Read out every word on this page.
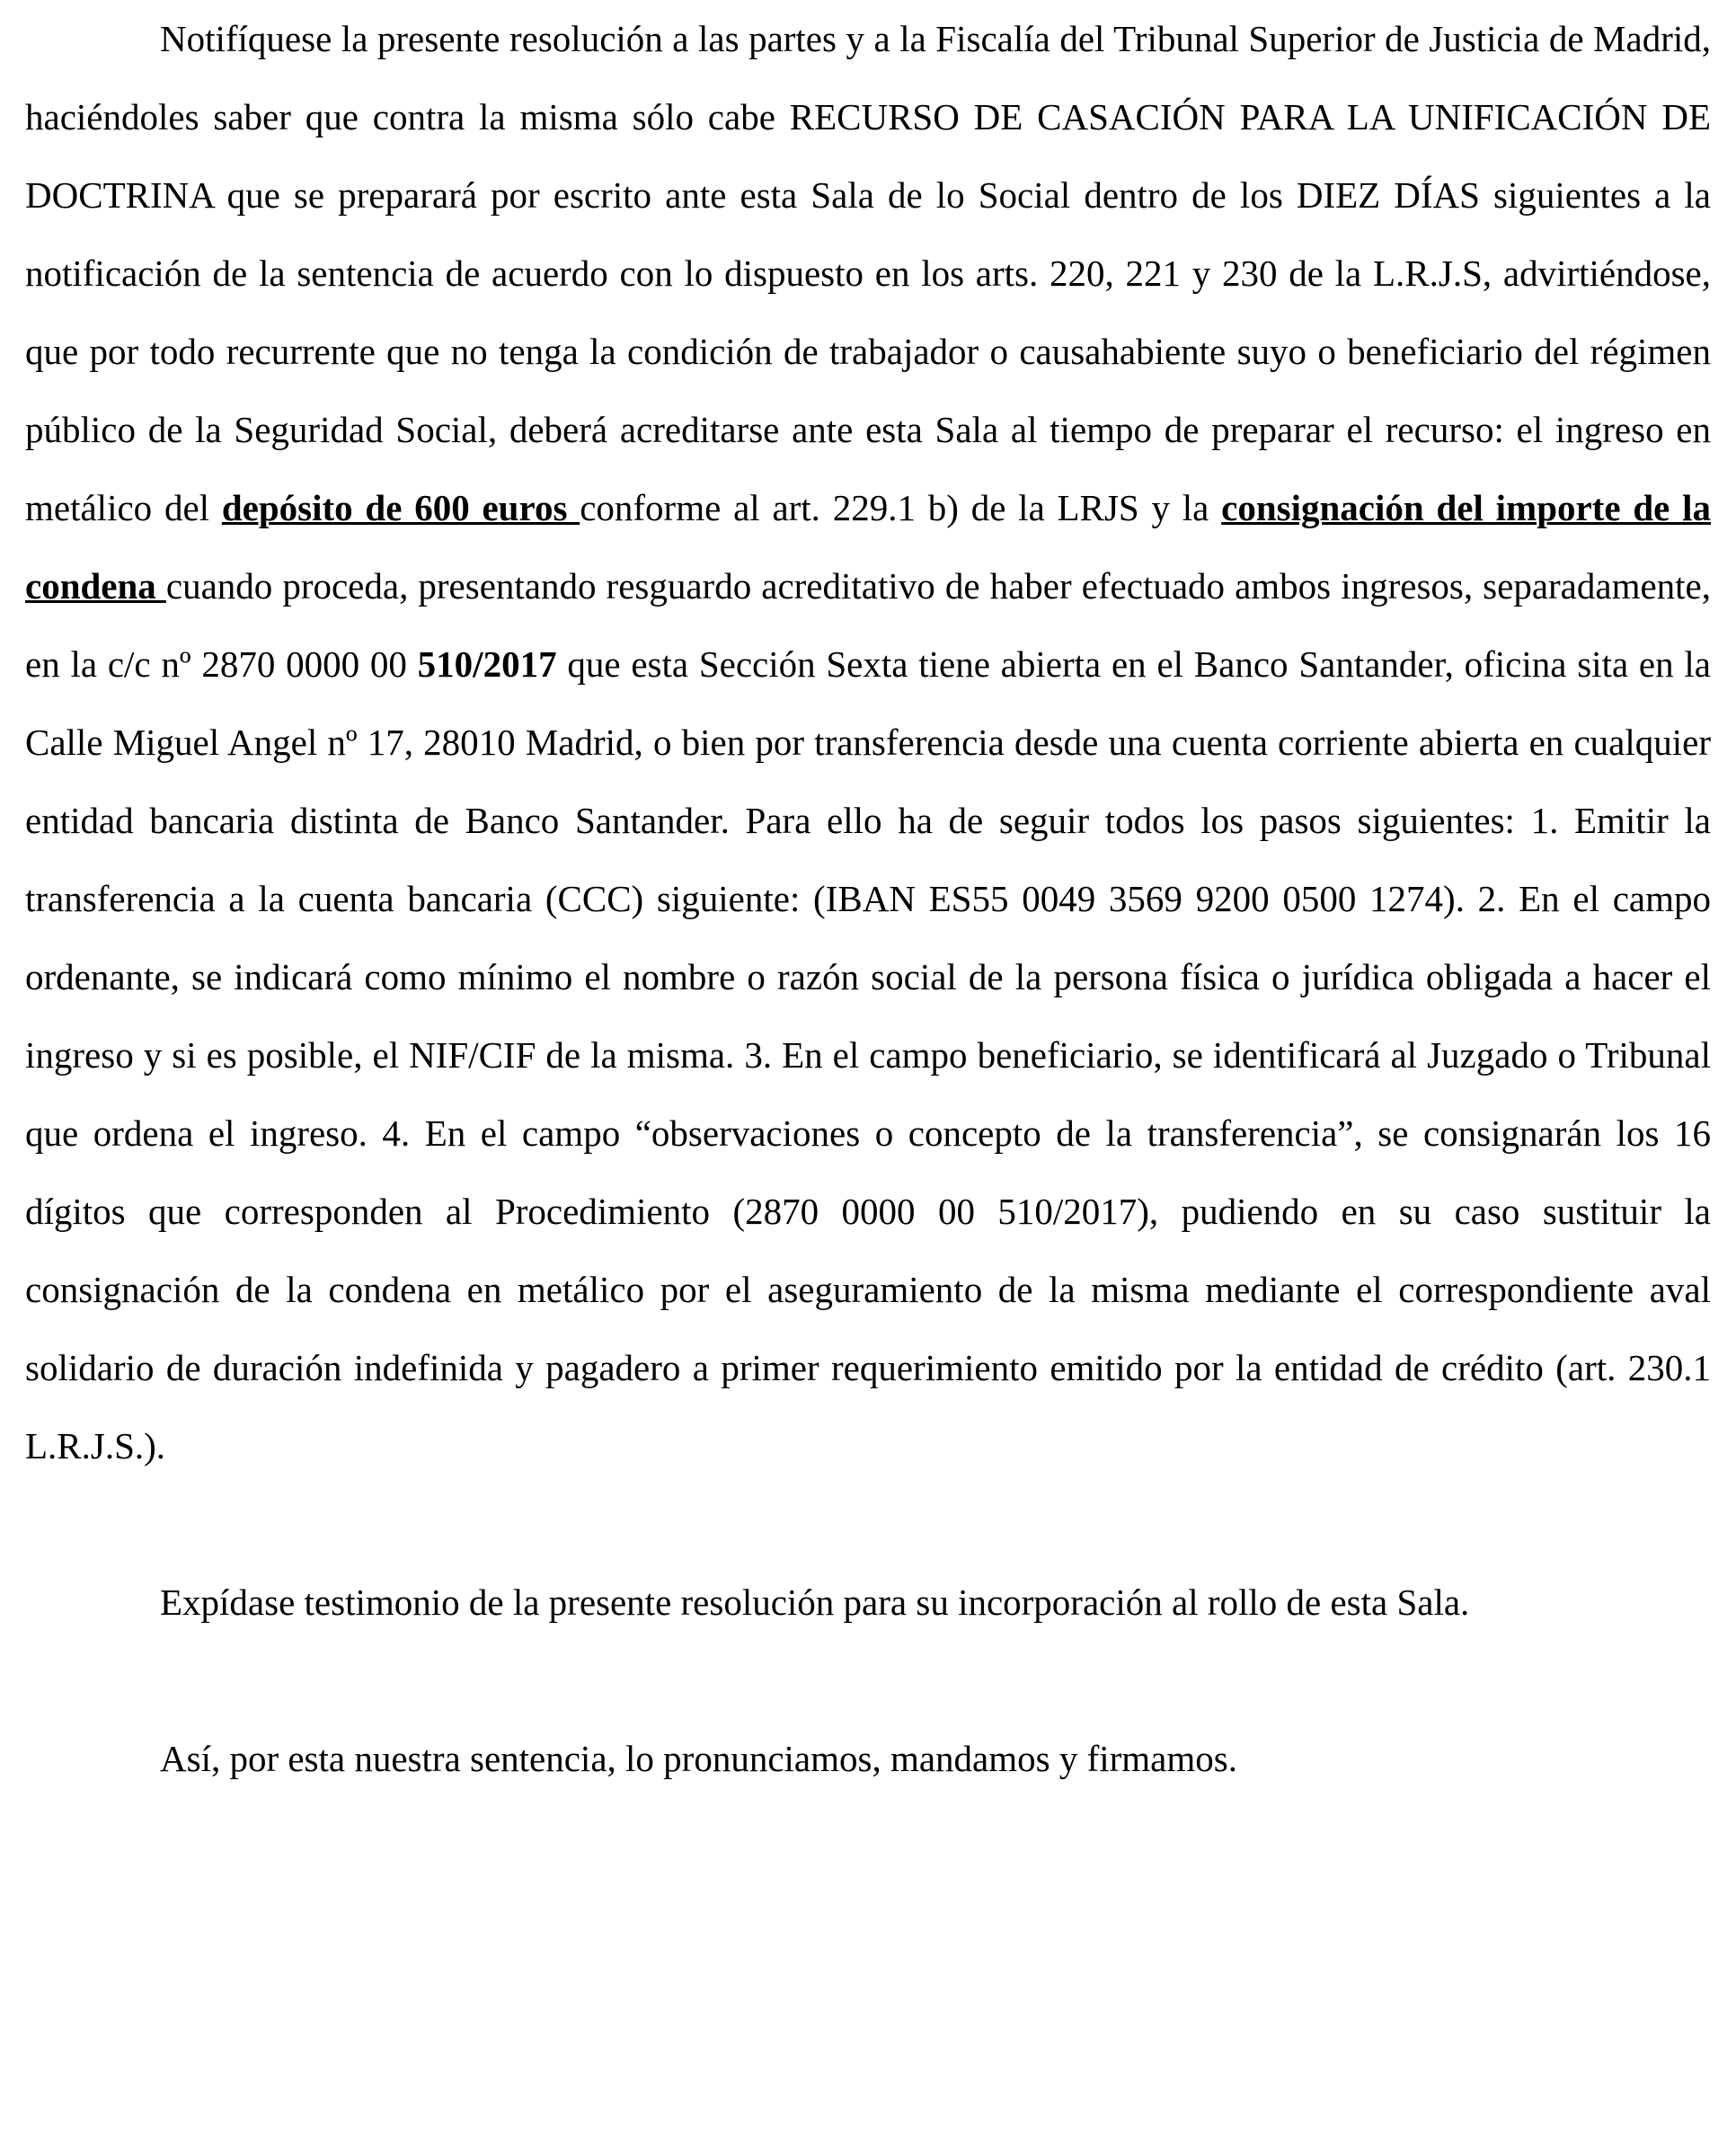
Notifíquese la presente resolución a las partes y a la Fiscalía del Tribunal Superior de Justicia de Madrid, haciéndoles saber que contra la misma sólo cabe RECURSO DE CASACIÓN PARA LA UNIFICACIÓN DE DOCTRINA que se preparará por escrito ante esta Sala de lo Social dentro de los DIEZ DÍAS siguientes a la notificación de la sentencia de acuerdo con lo dispuesto en los arts. 220, 221 y 230 de la L.R.J.S, advirtiéndose, que por todo recurrente que no tenga la condición de trabajador o causahabiente suyo o beneficiario del régimen público de la Seguridad Social, deberá acreditarse ante esta Sala al tiempo de preparar el recurso: el ingreso en metálico del depósito de 600 euros conforme al art. 229.1 b) de la LRJS y la consignación del importe de la condena cuando proceda, presentando resguardo acreditativo de haber efectuado ambos ingresos, separadamente, en la c/c nº 2870 0000 00 510/2017 que esta Sección Sexta tiene abierta en el Banco Santander, oficina sita en la Calle Miguel Angel nº 17, 28010 Madrid, o bien por transferencia desde una cuenta corriente abierta en cualquier entidad bancaria distinta de Banco Santander. Para ello ha de seguir todos los pasos siguientes: 1. Emitir la transferencia a la cuenta bancaria (CCC) siguiente: (IBAN ES55 0049 3569 9200 0500 1274). 2. En el campo ordenante, se indicará como mínimo el nombre o razón social de la persona física o jurídica obligada a hacer el ingreso y si es posible, el NIF/CIF de la misma. 3. En el campo beneficiario, se identificará al Juzgado o Tribunal que ordena el ingreso. 4. En el campo “observaciones o concepto de la transferencia”, se consignarán los 16 dígitos que corresponden al Procedimiento (2870 0000 00 510/2017), pudiendo en su caso sustituir la consignación de la condena en metálico por el aseguramiento de la misma mediante el correspondiente aval solidario de duración indefinida y pagadero a primer requerimiento emitido por la entidad de crédito (art. 230.1 L.R.J.S.).

Expídase testimonio de la presente resolución para su incorporación al rollo de esta Sala.

Así, por esta nuestra sentencia, lo pronunciamos, mandamos y firmamos.
